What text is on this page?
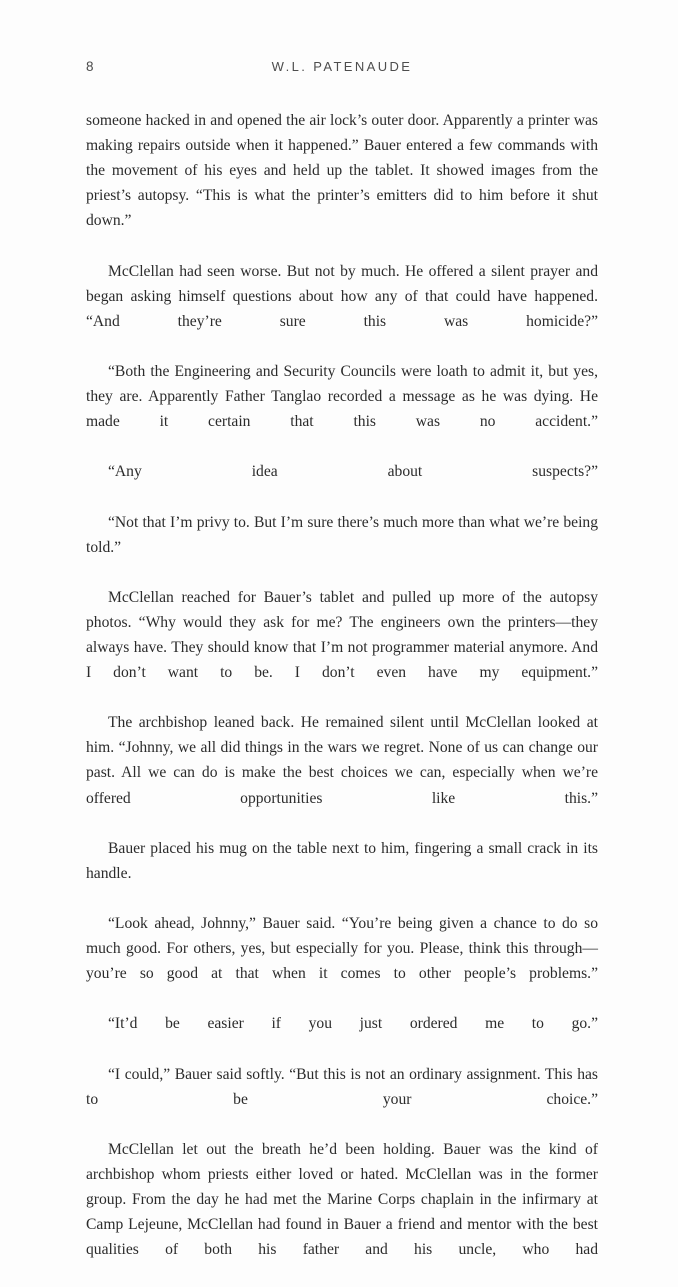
8	W.L. PATENAUDE

someone hacked in and opened the air lock’s outer door. Apparently a printer was making repairs outside when it happened.” Bauer entered a few commands with the movement of his eyes and held up the tablet. It showed images from the priest’s autopsy. “This is what the printer’s emitters did to him before it shut down.”

McClellan had seen worse. But not by much. He offered a silent prayer and began asking himself questions about how any of that could have happened. “And they’re sure this was homicide?”

“Both the Engineering and Security Councils were loath to admit it, but yes, they are. Apparently Father Tanglao recorded a message as he was dying. He made it certain that this was no accident.”

“Any idea about suspects?”

“Not that I’m privy to. But I’m sure there’s much more than what we’re being told.”

McClellan reached for Bauer’s tablet and pulled up more of the autopsy photos. “Why would they ask for me? The engineers own the printers—they always have. They should know that I’m not programmer material anymore. And I don’t want to be. I don’t even have my equipment.”

The archbishop leaned back. He remained silent until McClellan looked at him. “Johnny, we all did things in the wars we regret. None of us can change our past. All we can do is make the best choices we can, especially when we’re offered opportunities like this.”

Bauer placed his mug on the table next to him, fingering a small crack in its handle.

“Look ahead, Johnny,” Bauer said. “You’re being given a chance to do so much good. For others, yes, but especially for you. Please, think this through—you’re so good at that when it comes to other people’s problems.”

“It’d be easier if you just ordered me to go.”

“I could,” Bauer said softly. “But this is not an ordinary assignment. This has to be your choice.”

McClellan let out the breath he’d been holding. Bauer was the kind of archbishop whom priests either loved or hated. McClellan was in the former group. From the day he had met the Marine Corps chaplain in the infirmary at Camp Lejeune, McClellan had found in Bauer a friend and mentor with the best qualities of both his father and his uncle, who had
